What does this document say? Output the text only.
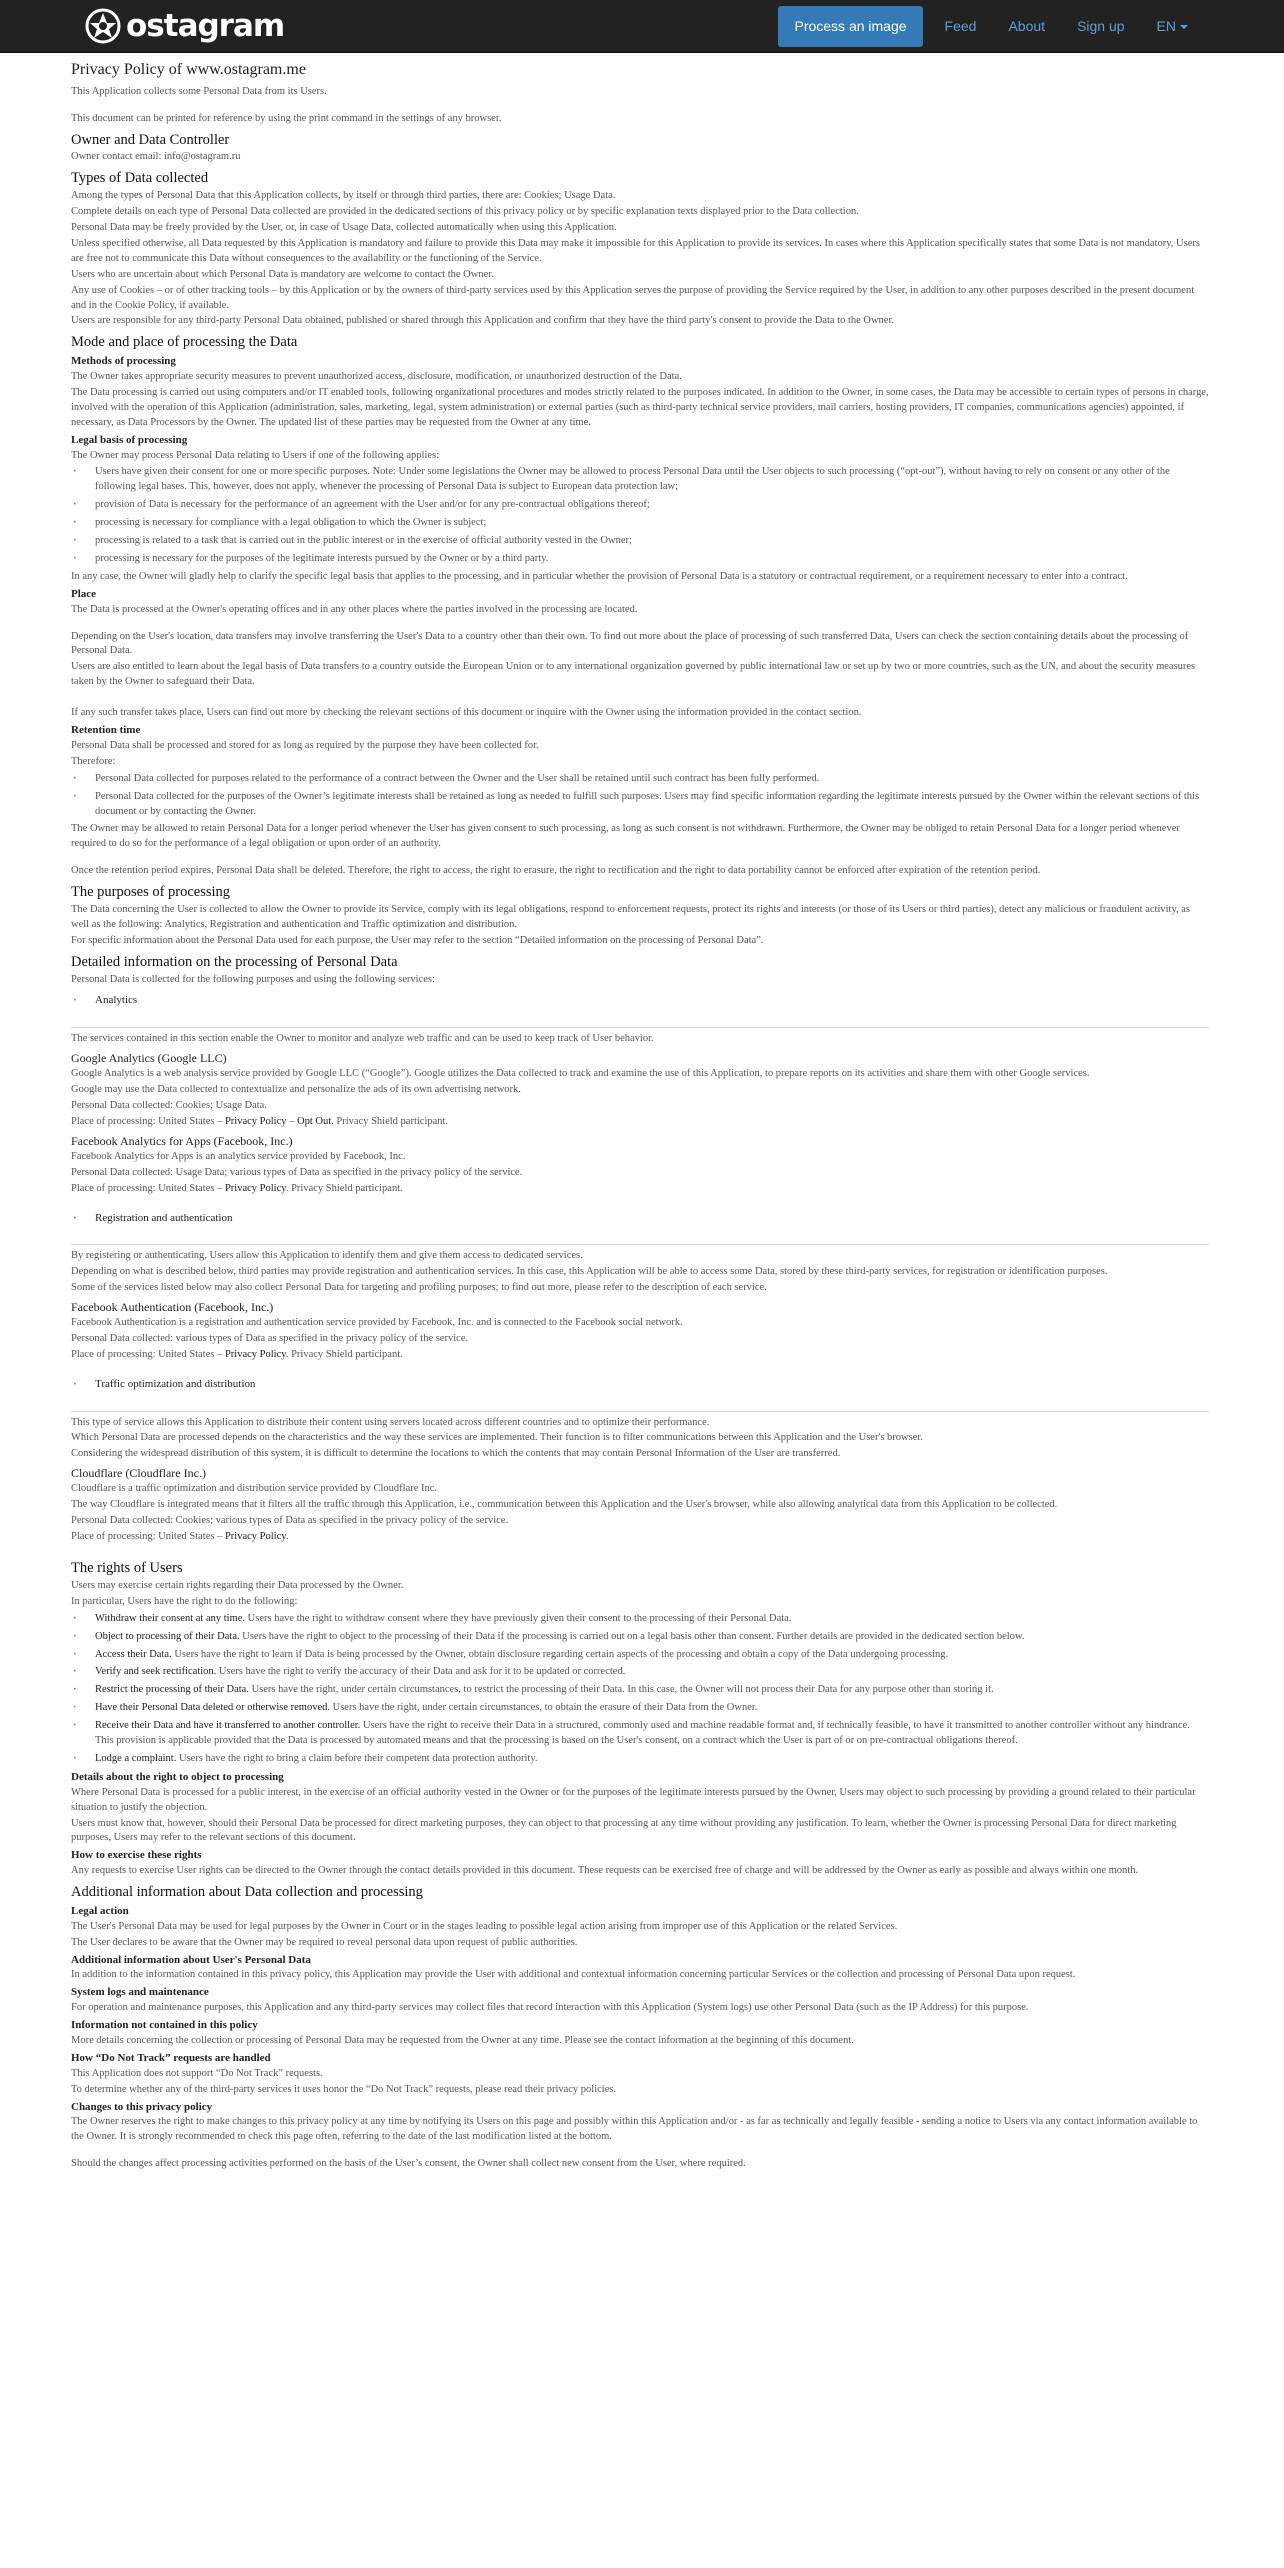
ostagram	Process an image	Feed	About	Sign up	EN
Privacy Policy of www.ostagram.me

This Application collects some Personal Data from its Users.

This document can be printed for reference by using the print command in the settings of any browser.

Owner and Data Controller

Owner contact email: info@ostagram.ru

Types of Data collected

Among the types of Personal Data that this Application collects, by itself or through third parties, there are: Cookies; Usage Data.

Complete details on each type of Personal Data collected are provided in the dedicated sections of this privacy policy or by specific explanation texts displayed prior to the Data collection.

Personal Data may be freely provided by the User, or, in case of Usage Data, collected automatically when using this Application.

Unless specified otherwise, all Data requested by this Application is mandatory and failure to provide this Data may make it impossible for this Application to provide its services. In cases where this Application specifically states that some Data is not mandatory, Users are free not to communicate this Data without consequences to the availability or the functioning of the Service.

Users who are uncertain about which Personal Data is mandatory are welcome to contact the Owner.

Any use of Cookies – or of other tracking tools – by this Application or by the owners of third-party services used by this Application serves the purpose of providing the Service required by the User, in addition to any other purposes described in the present document and in the Cookie Policy, if available.

Users are responsible for any third-party Personal Data obtained, published or shared through this Application and confirm that they have the third party's consent to provide the Data to the Owner.

Mode and place of processing the Data
Methods of processing

The Owner takes appropriate security measures to prevent unauthorized access, disclosure, modification, or unauthorized destruction of the Data.

The Data processing is carried out using computers and/or IT enabled tools, following organizational procedures and modes strictly related to the purposes indicated. In addition to the Owner, in some cases, the Data may be accessible to certain types of persons in charge, involved with the operation of this Application (administration, sales, marketing, legal, system administration) or external parties (such as third-party technical service providers, mail carriers, hosting providers, IT companies, communications agencies) appointed, if necessary, as Data Processors by the Owner. The updated list of these parties may be requested from the Owner at any time.

Legal basis of processing

The Owner may process Personal Data relating to Users if one of the following applies:

· Users have given their consent for one or more specific purposes. Note: Under some legislations the Owner may be allowed to process Personal Data until the User objects to such processing (“opt-out”), without having to rely on consent or any other of the following legal bases. This, however, does not apply, whenever the processing of Personal Data is subject to European data protection law;
· provision of Data is necessary for the performance of an agreement with the User and/or for any pre-contractual obligations thereof;
· processing is necessary for compliance with a legal obligation to which the Owner is subject;
· processing is related to a task that is carried out in the public interest or in the exercise of official authority vested in the Owner;
· processing is necessary for the purposes of the legitimate interests pursued by the Owner or by a third party.

In any case, the Owner will gladly help to clarify the specific legal basis that applies to the processing, and in particular whether the provision of Personal Data is a statutory or contractual requirement, or a requirement necessary to enter into a contract.

Place

The Data is processed at the Owner's operating offices and in any other places where the parties involved in the processing are located.

Depending on the User's location, data transfers may involve transferring the User's Data to a country other than their own. To find out more about the place of processing of such transferred Data, Users can check the section containing details about the processing of Personal Data.

Users are also entitled to learn about the legal basis of Data transfers to a country outside the European Union or to any international organization governed by public international law or set up by two or more countries, such as the UN, and about the security measures taken by the Owner to safeguard their Data.

If any such transfer takes place, Users can find out more by checking the relevant sections of this document or inquire with the Owner using the information provided in the contact section.

Retention time

Personal Data shall be processed and stored for as long as required by the purpose they have been collected for.

Therefore:

· Personal Data collected for purposes related to the performance of a contract between the Owner and the User shall be retained until such contract has been fully performed.
· Personal Data collected for the purposes of the Owner’s legitimate interests shall be retained as long as needed to fulfill such purposes. Users may find specific information regarding the legitimate interests pursued by the Owner within the relevant sections of this document or by contacting the Owner.

The Owner may be allowed to retain Personal Data for a longer period whenever the User has given consent to such processing, as long as such consent is not withdrawn. Furthermore, the Owner may be obliged to retain Personal Data for a longer period whenever required to do so for the performance of a legal obligation or upon order of an authority.

Once the retention period expires, Personal Data shall be deleted. Therefore, the right to access, the right to erasure, the right to rectification and the right to data portability cannot be enforced after expiration of the retention period.

The purposes of processing

The Data concerning the User is collected to allow the Owner to provide its Service, comply with its legal obligations, respond to enforcement requests, protect its rights and interests (or those of its Users or third parties), detect any malicious or fraudulent activity, as well as the following: Analytics, Registration and authentication and Traffic optimization and distribution.

For specific information about the Personal Data used for each purpose, the User may refer to the section “Detailed information on the processing of Personal Data”.

Detailed information on the processing of Personal Data

Personal Data is collected for the following purposes and using the following services:

· Analytics

The services contained in this section enable the Owner to monitor and analyze web traffic and can be used to keep track of User behavior.

Google Analytics (Google LLC)

Google Analytics is a web analysis service provided by Google LLC (“Google”). Google utilizes the Data collected to track and examine the use of this Application, to prepare reports on its activities and share them with other Google services.

Google may use the Data collected to contextualize and personalize the ads of its own advertising network.

Personal Data collected: Cookies; Usage Data.

Place of processing: United States – Privacy Policy – Opt Out. Privacy Shield participant.

Facebook Analytics for Apps (Facebook, Inc.)

Facebook Analytics for Apps is an analytics service provided by Facebook, Inc.

Personal Data collected: Usage Data; various types of Data as specified in the privacy policy of the service.

Place of processing: United States – Privacy Policy. Privacy Shield participant.

· Registration and authentication

By registering or authenticating, Users allow this Application to identify them and give them access to dedicated services.

Depending on what is described below, third parties may provide registration and authentication services. In this case, this Application will be able to access some Data, stored by these third-party services, for registration or identification purposes.

Some of the services listed below may also collect Personal Data for targeting and profiling purposes; to find out more, please refer to the description of each service.

Facebook Authentication (Facebook, Inc.)

Facebook Authentication is a registration and authentication service provided by Facebook, Inc. and is connected to the Facebook social network.

Personal Data collected: various types of Data as specified in the privacy policy of the service.

Place of processing: United States – Privacy Policy. Privacy Shield participant.

· Traffic optimization and distribution

This type of service allows this Application to distribute their content using servers located across different countries and to optimize their performance.

Which Personal Data are processed depends on the characteristics and the way these services are implemented. Their function is to filter communications between this Application and the User's browser.

Considering the widespread distribution of this system, it is difficult to determine the locations to which the contents that may contain Personal Information of the User are transferred.

Cloudflare (Cloudflare Inc.)

Cloudflare is a traffic optimization and distribution service provided by Cloudflare Inc.

The way Cloudflare is integrated means that it filters all the traffic through this Application, i.e., communication between this Application and the User's browser, while also allowing analytical data from this Application to be collected.

Personal Data collected: Cookies; various types of Data as specified in the privacy policy of the service.

Place of processing: United States – Privacy Policy.

The rights of Users

Users may exercise certain rights regarding their Data processed by the Owner.

In particular, Users have the right to do the following:

· Withdraw their consent at any time. Users have the right to withdraw consent where they have previously given their consent to the processing of their Personal Data.
· Object to processing of their Data. Users have the right to object to the processing of their Data if the processing is carried out on a legal basis other than consent. Further details are provided in the dedicated section below.
· Access their Data. Users have the right to learn if Data is being processed by the Owner, obtain disclosure regarding certain aspects of the processing and obtain a copy of the Data undergoing processing.
· Verify and seek rectification. Users have the right to verify the accuracy of their Data and ask for it to be updated or corrected.
· Restrict the processing of their Data. Users have the right, under certain circumstances, to restrict the processing of their Data. In this case, the Owner will not process their Data for any purpose other than storing it.
· Have their Personal Data deleted or otherwise removed. Users have the right, under certain circumstances, to obtain the erasure of their Data from the Owner.
· Receive their Data and have it transferred to another controller. Users have the right to receive their Data in a structured, commonly used and machine readable format and, if technically feasible, to have it transmitted to another controller without any hindrance. This provision is applicable provided that the Data is processed by automated means and that the processing is based on the User's consent, on a contract which the User is part of or on pre-contractual obligations thereof.
· Lodge a complaint. Users have the right to bring a claim before their competent data protection authority.
Details about the right to object to processing

Where Personal Data is processed for a public interest, in the exercise of an official authority vested in the Owner or for the purposes of the legitimate interests pursued by the Owner, Users may object to such processing by providing a ground related to their particular situation to justify the objection.

Users must know that, however, should their Personal Data be processed for direct marketing purposes, they can object to that processing at any time without providing any justification. To learn, whether the Owner is processing Personal Data for direct marketing purposes, Users may refer to the relevant sections of this document.

How to exercise these rights

Any requests to exercise User rights can be directed to the Owner through the contact details provided in this document. These requests can be exercised free of charge and will be addressed by the Owner as early as possible and always within one month.

Additional information about Data collection and processing
Legal action

The User's Personal Data may be used for legal purposes by the Owner in Court or in the stages leading to possible legal action arising from improper use of this Application or the related Services.

The User declares to be aware that the Owner may be required to reveal personal data upon request of public authorities.

Additional information about User's Personal Data

In addition to the information contained in this privacy policy, this Application may provide the User with additional and contextual information concerning particular Services or the collection and processing of Personal Data upon request.

System logs and maintenance

For operation and maintenance purposes, this Application and any third-party services may collect files that record interaction with this Application (System logs) use other Personal Data (such as the IP Address) for this purpose.

Information not contained in this policy

More details concerning the collection or processing of Personal Data may be requested from the Owner at any time. Please see the contact information at the beginning of this document.

How “Do Not Track” requests are handled

This Application does not support “Do Not Track” requests.

To determine whether any of the third-party services it uses honor the “Do Not Track” requests, please read their privacy policies.

Changes to this privacy policy

The Owner reserves the right to make changes to this privacy policy at any time by notifying its Users on this page and possibly within this Application and/or - as far as technically and legally feasible - sending a notice to Users via any contact information available to the Owner. It is strongly recommended to check this page often, referring to the date of the last modification listed at the bottom.

Should the changes affect processing activities performed on the basis of the User’s consent, the Owner shall collect new consent from the User, where required.
